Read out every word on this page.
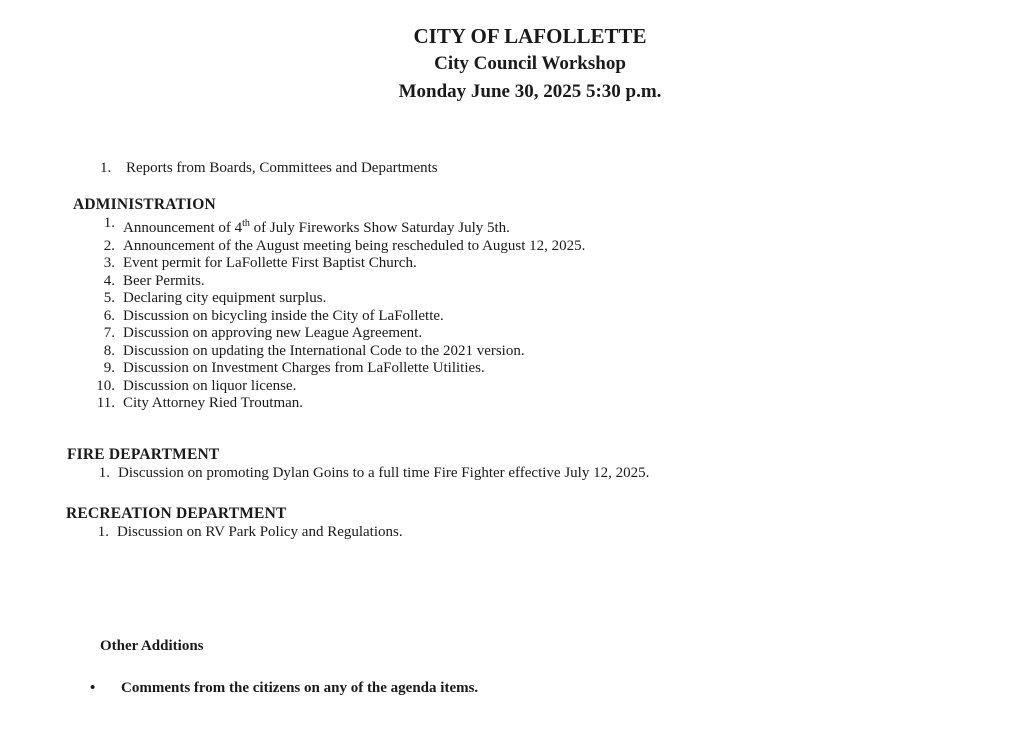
CITY OF LAFOLLETTE
City Council Workshop
Monday June 30, 2025 5:30 p.m.
1. Reports from Boards, Committees and Departments
ADMINISTRATION
1. Announcement of 4th of July Fireworks Show Saturday July 5th.
2. Announcement of the August meeting being rescheduled to August 12, 2025.
3. Event permit for LaFollette First Baptist Church.
4. Beer Permits.
5. Declaring city equipment surplus.
6. Discussion on bicycling inside the City of LaFollette.
7. Discussion on approving new League Agreement.
8. Discussion on updating the International Code to the 2021 version.
9. Discussion on Investment Charges from LaFollette Utilities.
10. Discussion on liquor license.
11. City Attorney Ried Troutman.
FIRE DEPARTMENT
1. Discussion on promoting Dylan Goins to a full time Fire Fighter effective July 12, 2025.
RECREATION DEPARTMENT
1. Discussion on RV Park Policy and Regulations.
Other Additions
•	Comments from the citizens on any of the agenda items.
